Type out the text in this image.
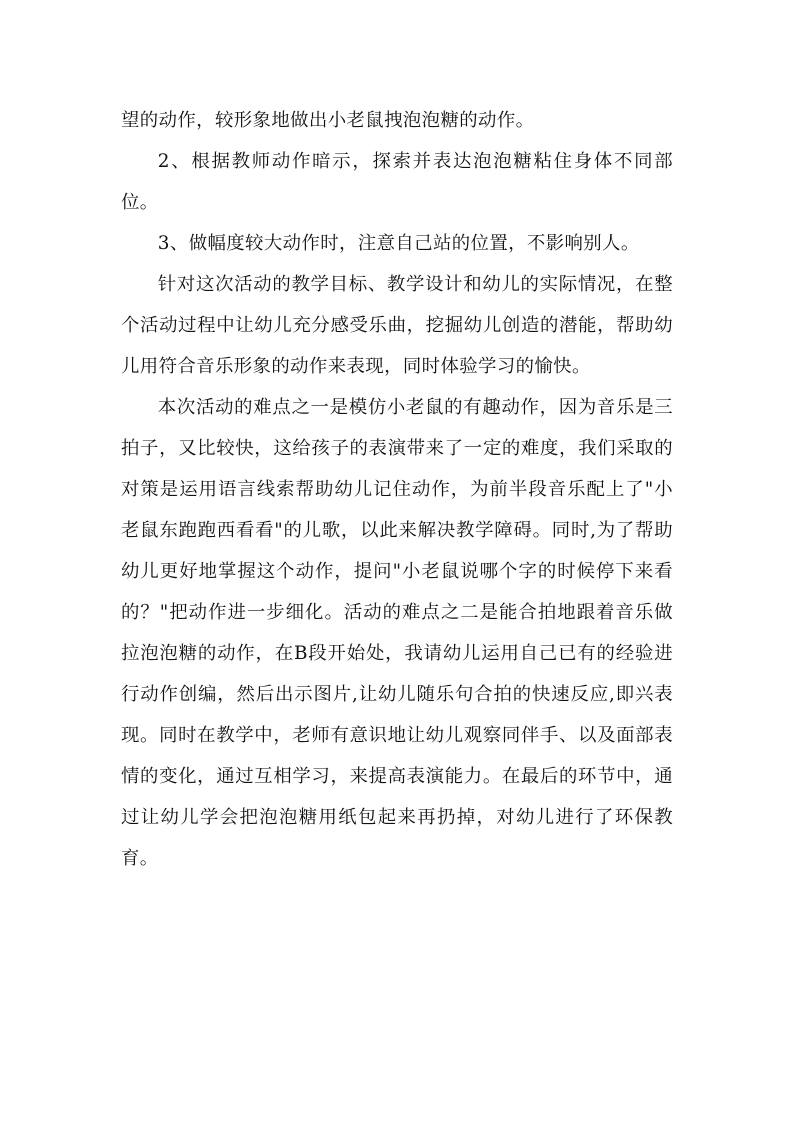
望的动作，较形象地做出小老鼠拽泡泡糖的动作。

2、根据教师动作暗示，探索并表达泡泡糖粘住身体不同部位。

3、做幅度较大动作时，注意自己站的位置，不影响别人。

针对这次活动的教学目标、教学设计和幼儿的实际情况，在整个活动过程中让幼儿充分感受乐曲，挖掘幼儿创造的潜能，帮助幼儿用符合音乐形象的动作来表现，同时体验学习的愉快。

本次活动的难点之一是模仿小老鼠的有趣动作，因为音乐是三拍子，又比较快，这给孩子的表演带来了一定的难度，我们采取的对策是运用语言线索帮助幼儿记住动作，为前半段音乐配上了"小老鼠东跑跑西看看"的儿歌，以此来解决教学障碍。同时,为了帮助幼儿更好地掌握这个动作，提问"小老鼠说哪个字的时候停下来看的？"把动作进一步细化。活动的难点之二是能合拍地跟着音乐做拉泡泡糖的动作，在B段开始处，我请幼儿运用自己已有的经验进行动作创编，然后出示图片,让幼儿随乐句合拍的快速反应,即兴表现。同时在教学中，老师有意识地让幼儿观察同伴手、以及面部表情的变化，通过互相学习，来提高表演能力。在最后的环节中，通过让幼儿学会把泡泡糖用纸包起来再扔掉，对幼儿进行了环保教育。
